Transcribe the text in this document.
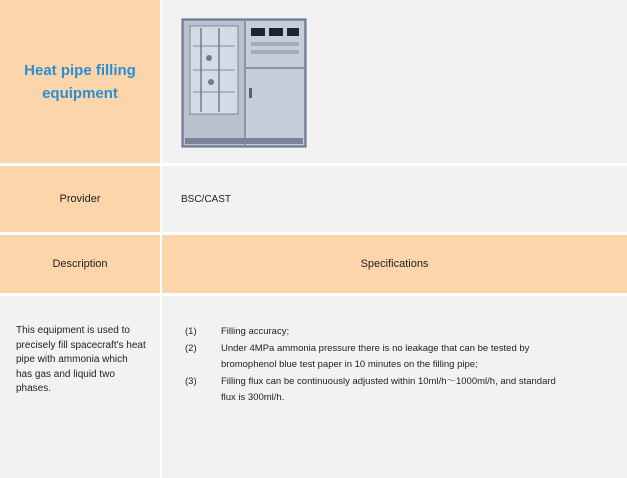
Heat pipe filling equipment
Provider	BSC/CAST
Description	Specifications
This equipment is used to precisely fill spacecraft's heat pipe with ammonia which has gas and liquid two phases.
(1)	Filling accuracy;
(2)	Under 4MPa ammonia pressure there is no leakage that can be tested by bromophenol blue test paper in 10 minutes on the filling pipe;
(3)	Filling flux can be continuously adjusted within 10ml/h～1000ml/h, and standard flux is 300ml/h.
